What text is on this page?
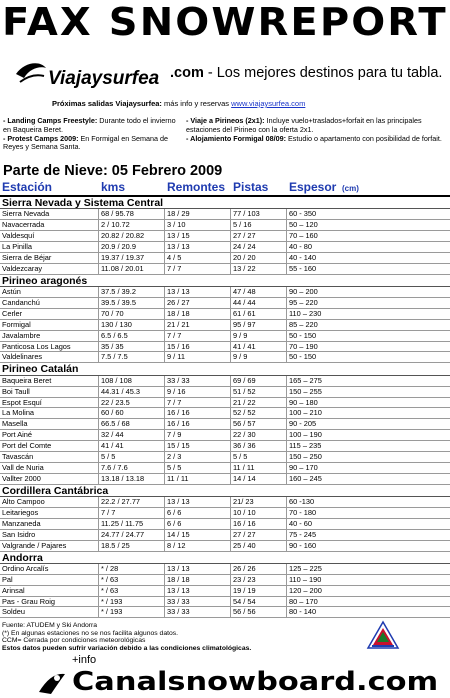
FAX SNOWREPORT
Viajaysurfea .com - Los mejores destinos para tu tabla.
Próximas salidas Viajaysurfea: más info y reservas www.viajaysurfea.com
- Landing Camps Freestyle: Durante todo el invierno en Baqueira Beret.
- Protest Camps 2009: En Formigal en Semana de Reyes y Semana Santa.
- Viaje a Pirineos (2x1): Incluye vuelo+traslados+forfait en las principales estaciones del Pirineo con la oferta 2x1.
- Alojamiento Formigal 08/09: Estudio o apartamento con posibilidad de forfait.
Parte de Nieve: 05 Febrero 2009
Estación	kms	Remontes Pistas Espesor (cm)
Sierra Nevada y Sistema Central
Sierra Nevada	68 / 95.78	18 / 29	77 / 103	60 - 350
Navacerrada	2 / 10.72	3 / 10	5 / 16	50 – 120
Valdesquí	20.82 / 20.82	13 / 15	27 / 27	70 – 160
La Pinilla	20.9 / 20.9	13 / 13	24 / 24	40 - 80
Sierra de Béjar	19.37 / 19.37	4 / 5	20 / 20	40 - 140
Valdezcaray	11.08 / 20.01	7 / 7	13 / 22	55 - 160
Pirineo aragonés
Astún	37.5 / 39.2	13 / 13	47 / 48	90 – 200
Candanchú	39.5 / 39.5	26 / 27	44 / 44	95 – 220
Cerler	70 / 70	18 / 18	61 / 61	110 – 230
Formigal	130 / 130	21 / 21	95 / 97	85 – 220
Javalambre	6.5 / 6.5	7 / 7	9 / 9	50 - 150
Panticosa Los Lagos	35 / 35	15 / 16	41 / 41	70 – 190
Valdelinares	7.5 / 7.5	9 / 11	9 / 9	50 - 150
Pirineo Catalán
Baqueira Beret	108 / 108	33 / 33	69 / 69	165 – 275
Boi Taull	44.31 / 45.3	9 / 16	51 / 52	150 – 255
Espot Esquí	22 / 23.5	7 / 7	21 / 22	90 – 180
La Molina	60 / 60	16 / 16	52 / 52	100 – 210
Masella	66.5 / 68	16 / 16	56 / 57	90 - 205
Port Ainé	32 / 44	7 / 9	22 / 30	100 – 190
Port del Comte	41 / 41	15 / 15	36 / 36	115 – 235
Tavascán	5 / 5	2 / 3	5 / 5	150 – 250
Vall de Nuria	7.6 / 7.6	5 / 5	11 / 11	90 – 170
Vallter 2000	13.18 / 13.18	11 / 11	14 / 14	160 – 245
Cordillera Cantábrica
Alto Campoo	22.2 / 27.77	13 / 13	21/ 23	60 -130
Leitariegos	7 / 7	6 / 6	10 / 10	70 - 180
Manzaneda	11.25 / 11.75	6 / 6	16 / 16	40 - 60
San Isidro	24.77 / 24.77	14 / 15	27 / 27	75 - 245
Valgrande / Pajares	18.5 / 25	8 / 12	25 / 40	90 - 160
Andorra
Ordino Arcalís	* / 28	13 / 13	26 / 26	125 – 225
Pal	* / 63	18 / 18	23 / 23	110 – 190
Arinsal	* / 63	13 / 13	19 / 19	120 – 200
Pas - Grau Roig	* / 193	33 / 33	54 / 54	80 – 170
Soldeu	* / 193	33 / 33	56 / 56	80 - 140
Fuente: ATUDEM y Ski Andorra
(*) En algunas estaciones no se nos facilita algunos datos.
CCM= Cerrada por condiciones meteorológicas
Estos datos pueden sufrir variación debido a las condiciones climatológicas.
+info
Canalsnowboard.com
